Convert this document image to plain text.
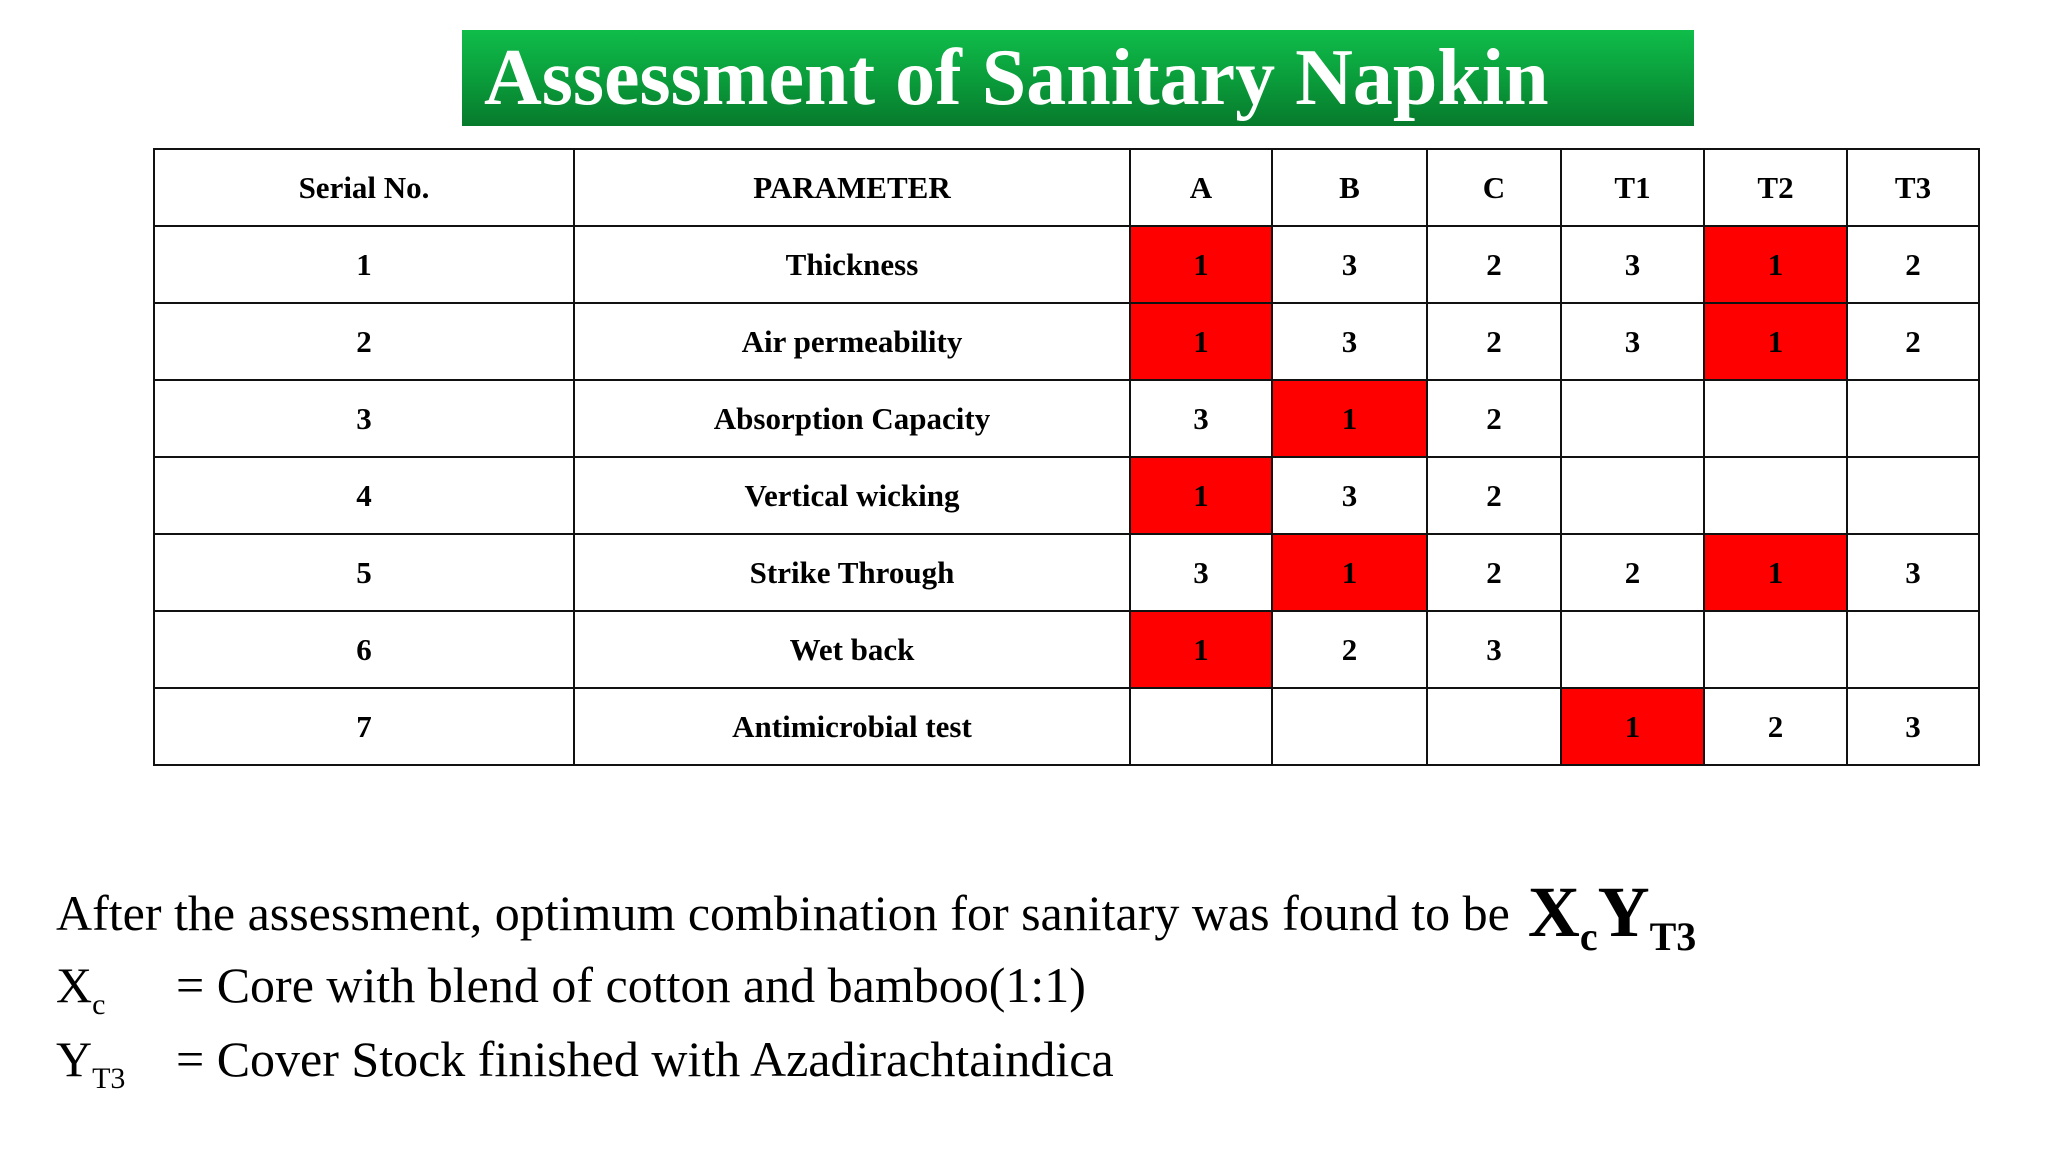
Assessment of Sanitary Napkin
Serial No.	PARAMETER	A	B	C	T1	T2	T3
1	Thickness	1	3	2	3	1	2
2	Air permeability	1	3	2	3	1	2
3	Absorption Capacity	3	1	2			
4	Vertical wicking	1	3	2			
5	Strike Through	3	1	2	2	1	3
6	Wet back	1	2	3			
7	Antimicrobial test				1	2	3
After the assessment, optimum combination for sanitary was found to be $X_cY_{T3}$
$X_c$ = Core with blend of cotton and bamboo(1:1)
$Y_{T3}$ = Cover Stock finished with Azadirachtaindica
